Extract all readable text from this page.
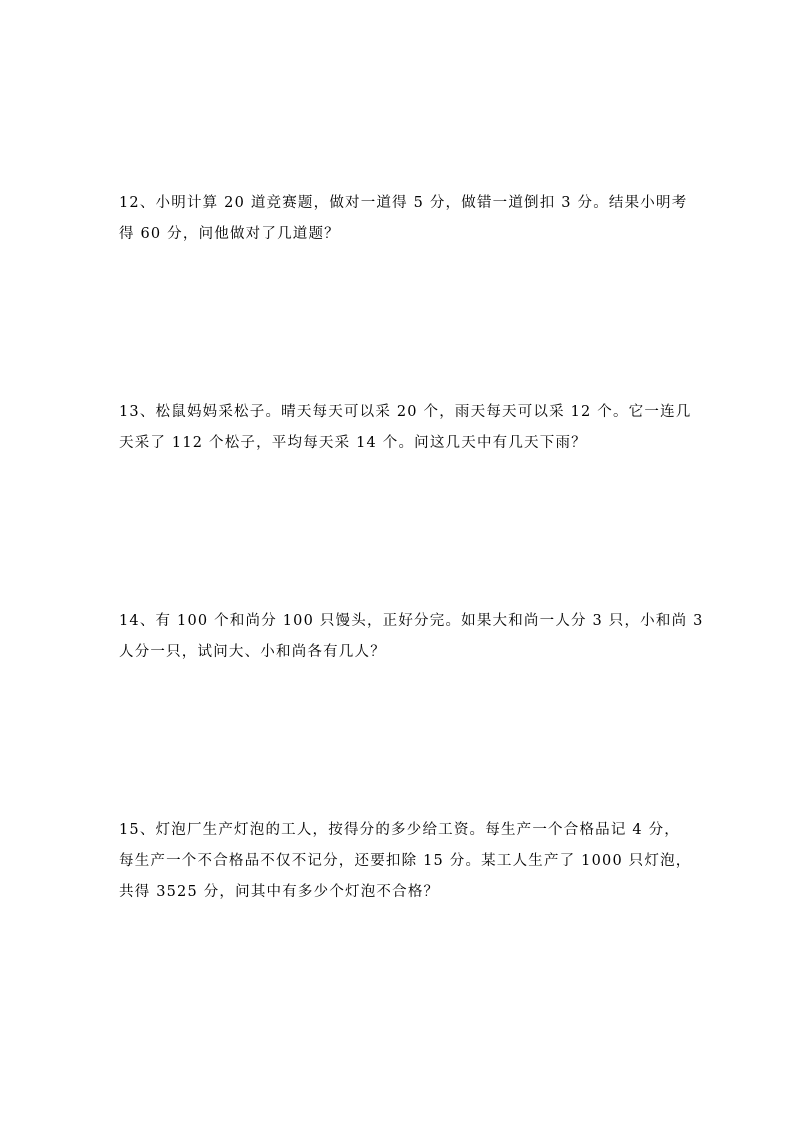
12、小明计算 20 道竞赛题，做对一道得 5 分，做错一道倒扣 3 分。结果小明考
得 60 分，问他做对了几道题？
13、松鼠妈妈采松子。晴天每天可以采 20 个，雨天每天可以采 12 个。它一连几
天采了 112 个松子，平均每天采 14 个。问这几天中有几天下雨？
14、有 100 个和尚分 100 只馒头，正好分完。如果大和尚一人分 3 只，小和尚 3
人分一只，试问大、小和尚各有几人？
15、灯泡厂生产灯泡的工人，按得分的多少给工资。每生产一个合格品记 4 分，
每生产一个不合格品不仅不记分，还要扣除 15 分。某工人生产了 1000 只灯泡，
共得 3525 分，问其中有多少个灯泡不合格？
